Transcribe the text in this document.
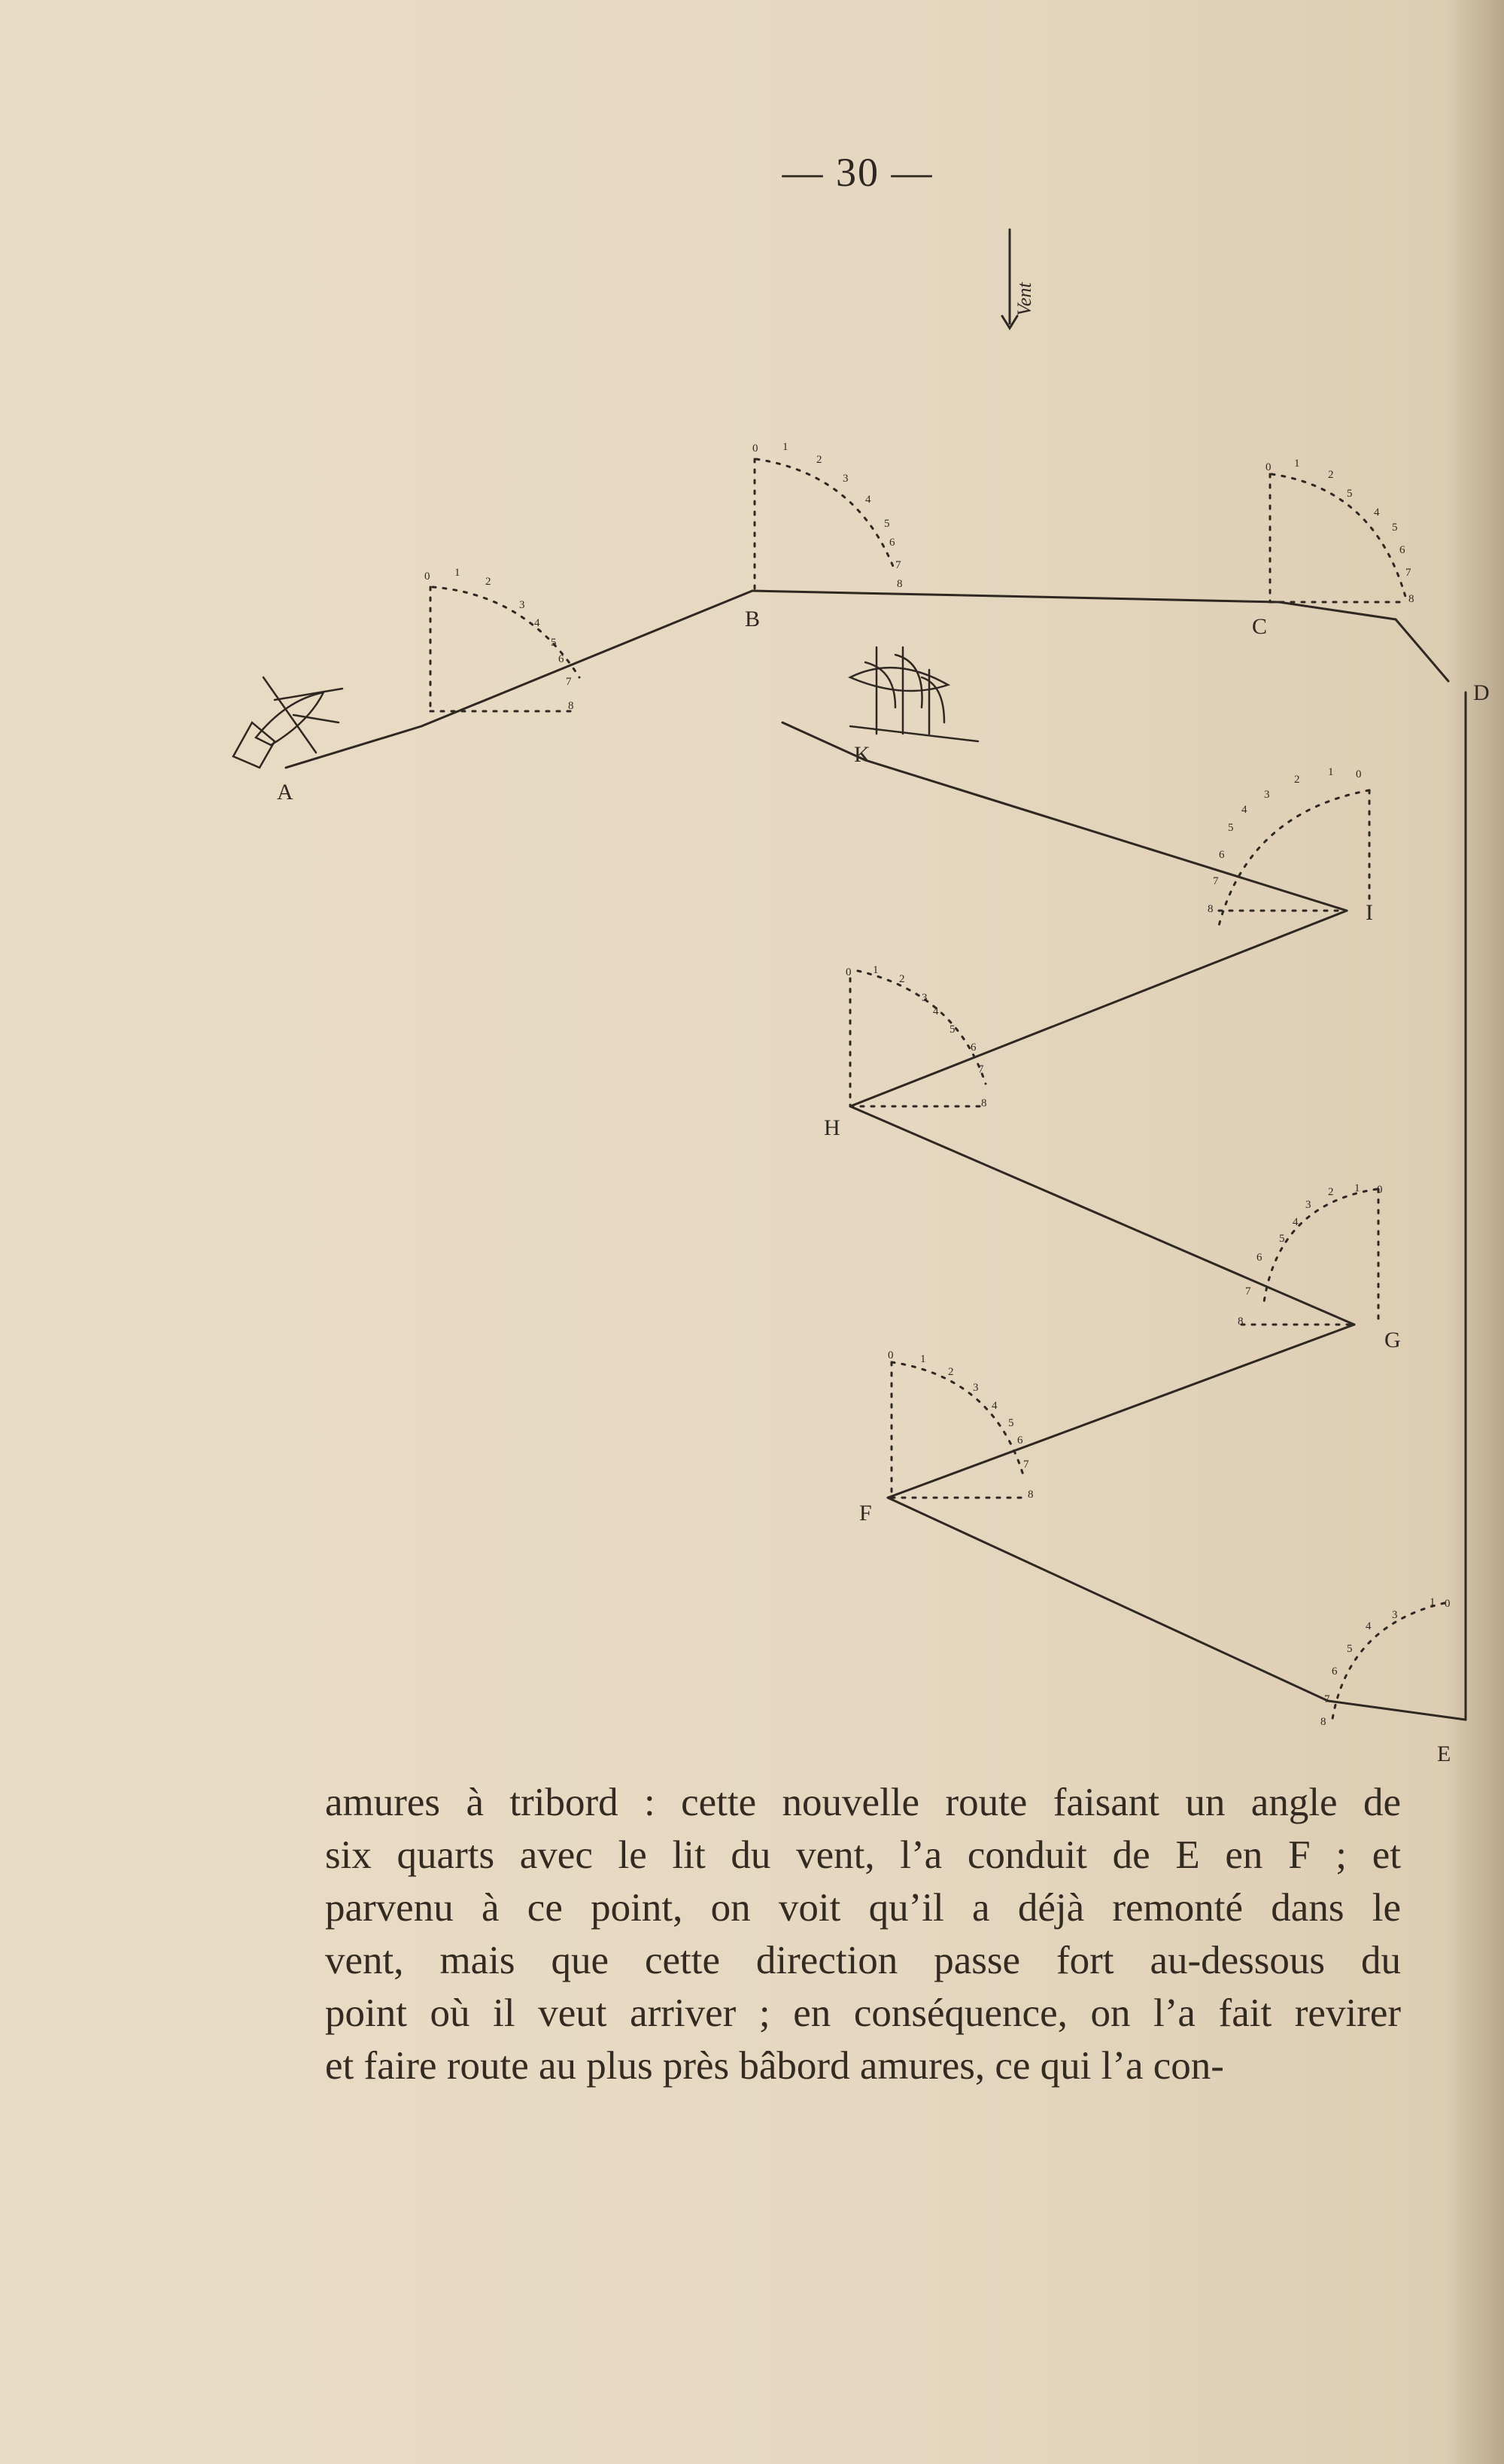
— 30 —
0 1
2
3
4
5
6
7
8
0 1
2
3
4
5
6
7
8
0 1
2
5
4
5
6
7
8
0
1
2
3
4
5
6
7
8
0 1
2
3
4
5
6
7
8
0
1
2
3
4
5
6
7
8
0 1
2
3
4
5
6
7
8
0
1
3
4
5
6
7
8
Vent
A
B	C
D
E
F
G
H
I
K
amures à tribord : cette nouvelle route faisant un angle de
six quarts avec le lit du vent, l’a conduit de E en F ; et
parvenu à ce point, on voit qu’il a déjà remonté dans le
vent, mais que cette direction passe fort au-dessous du
point où il veut arriver ; en conséquence, on l’a fait revirer
et faire route au plus près bâbord amures, ce qui l’a con-
